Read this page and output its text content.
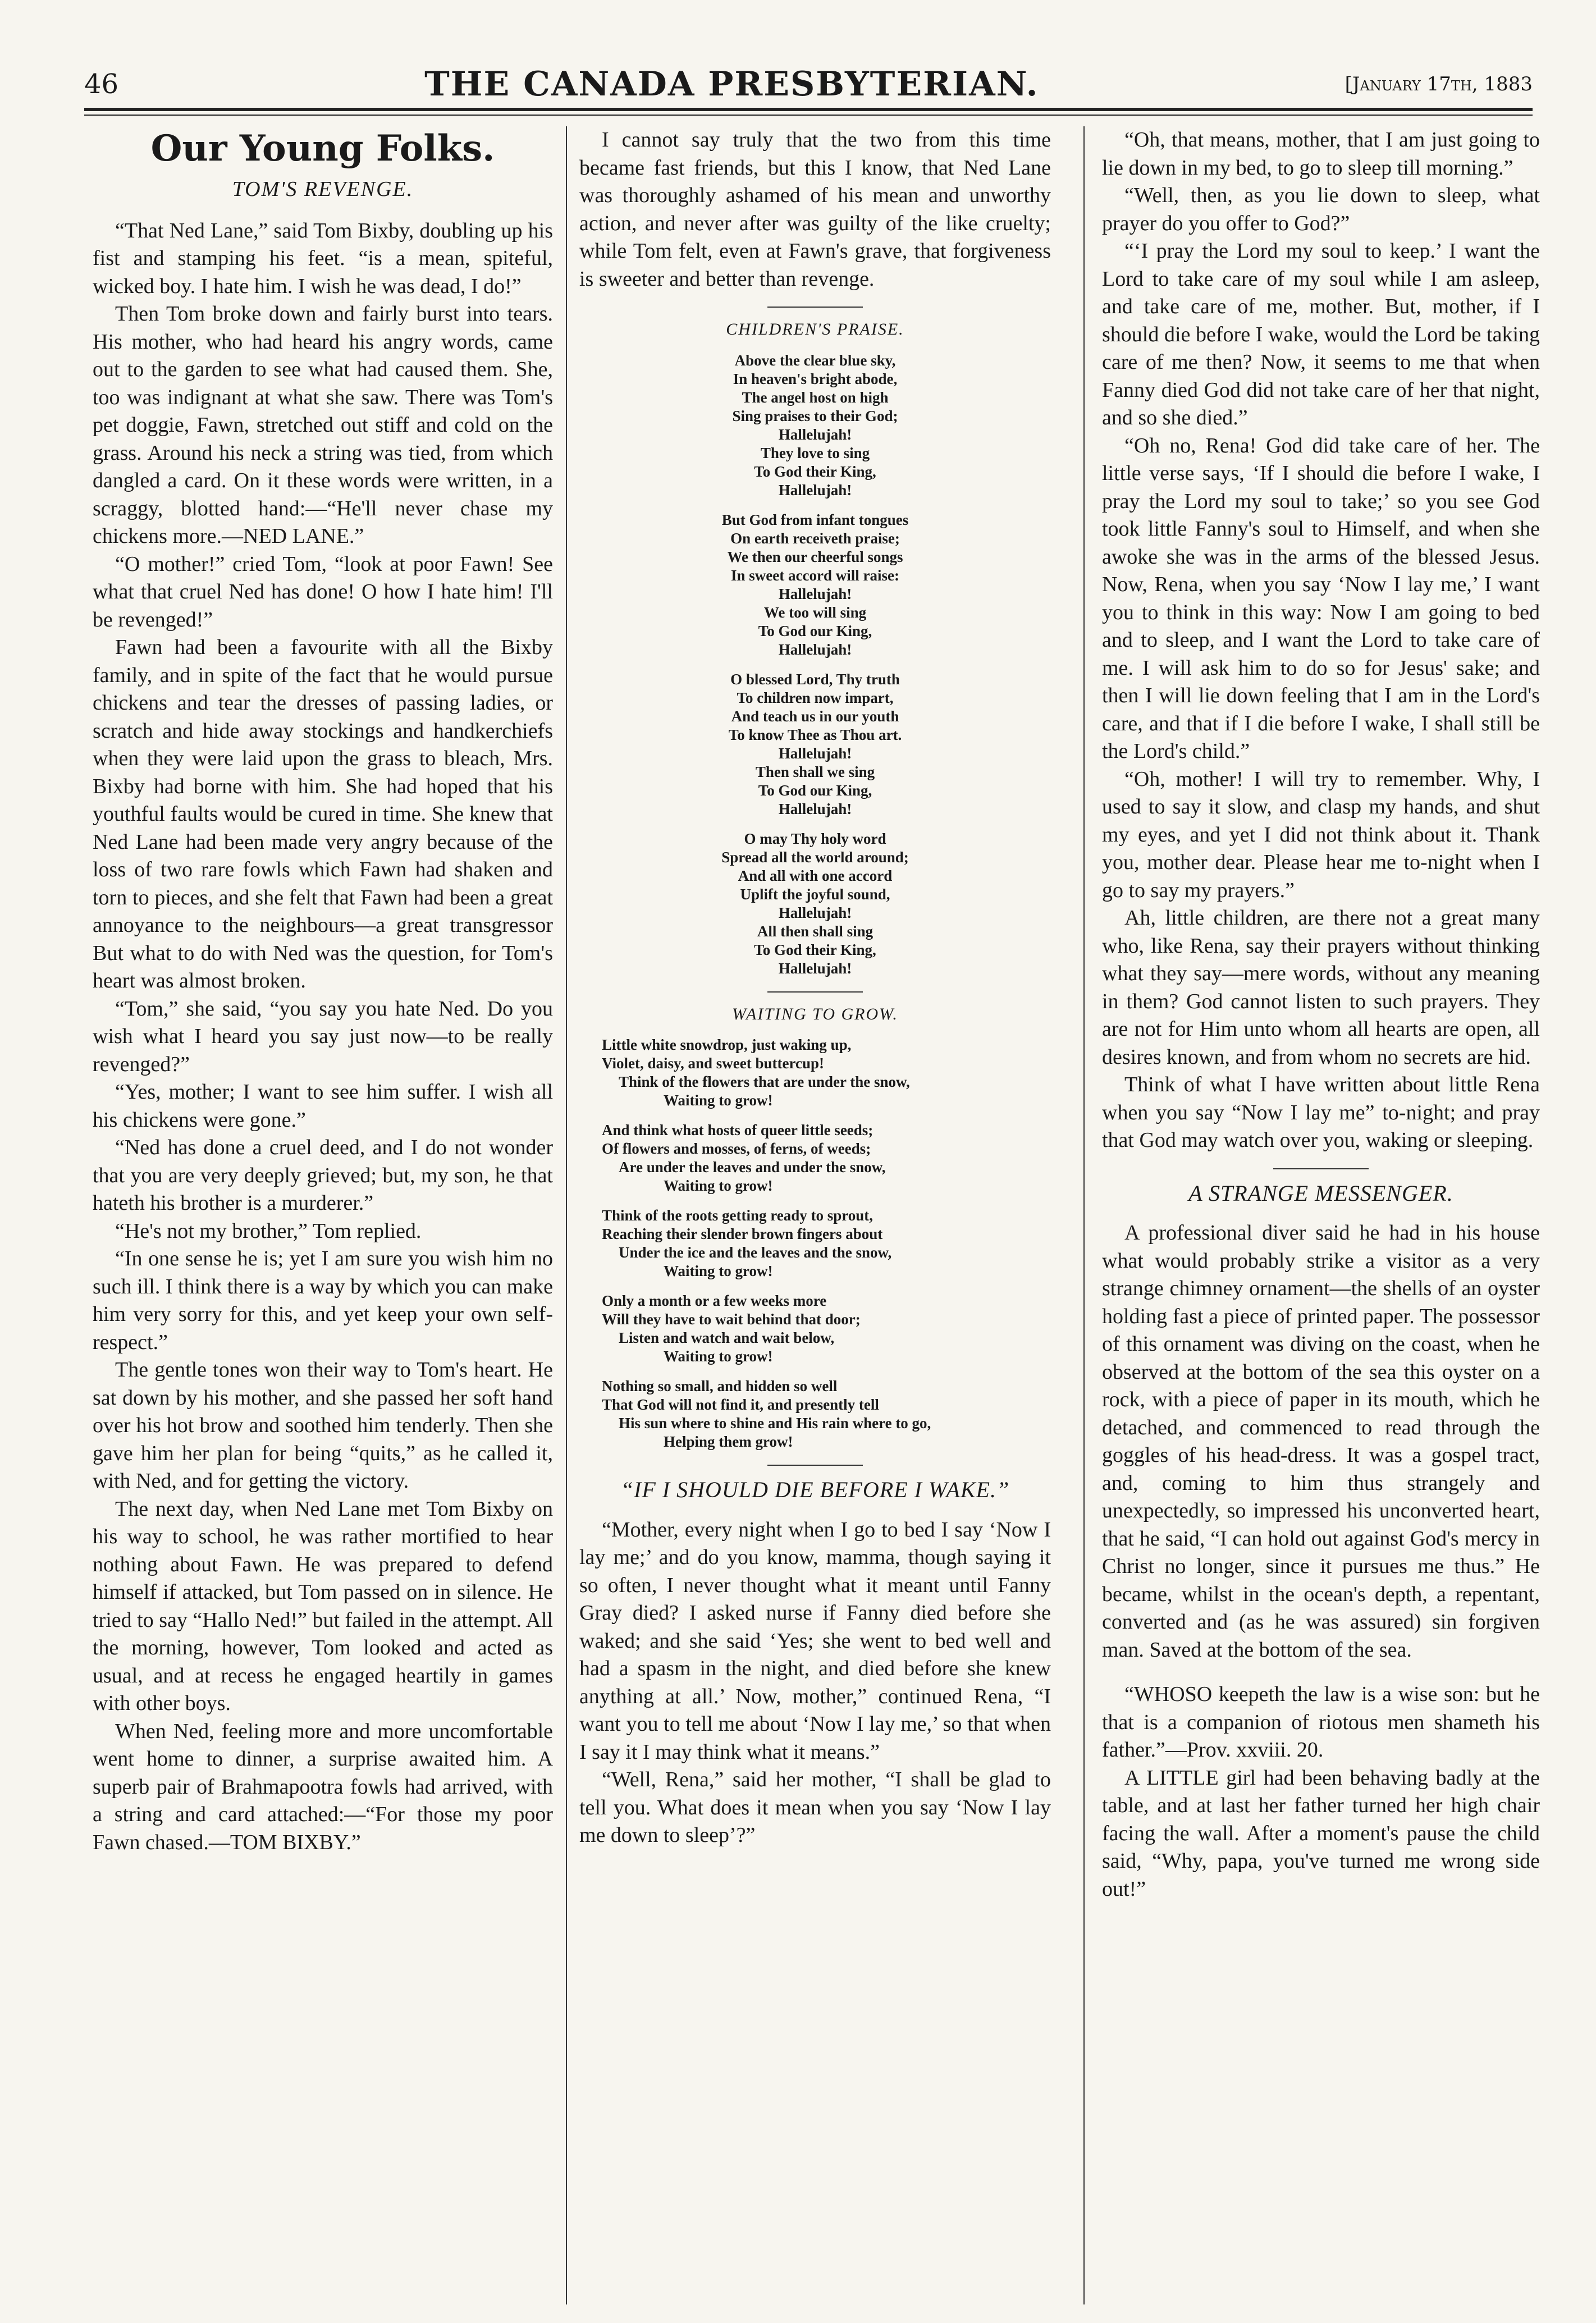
46	THE CANADA PRESBYTERIAN.	[January 17th, 1883
Our Young Folks.
TOM'S REVENGE.

“That Ned Lane,” said Tom Bixby, doubling up his fist and stamping his feet. “is a mean, spiteful, wicked boy. I hate him. I wish he was dead, I do!”

Then Tom broke down and fairly burst into tears. His mother, who had heard his angry words, came out to the garden to see what had caused them. She, too was indignant at what she saw. There was Tom's pet doggie, Fawn, stretched out stiff and cold on the grass. Around his neck a string was tied, from which dangled a card. On it these words were written, in a scraggy, blotted hand:—“He'll never chase my chickens more.—NED LANE.”

“O mother!” cried Tom, “look at poor Fawn! See what that cruel Ned has done! O how I hate him! I'll be revenged!”

Fawn had been a favourite with all the Bixby family, and in spite of the fact that he would pursue chickens and tear the dresses of passing ladies, or scratch and hide away stockings and handkerchiefs when they were laid upon the grass to bleach, Mrs. Bixby had borne with him. She had hoped that his youthful faults would be cured in time. She knew that Ned Lane had been made very angry because of the loss of two rare fowls which Fawn had shaken and torn to pieces, and she felt that Fawn had been a great annoyance to the neighbours—a great transgressor But what to do with Ned was the question, for Tom's heart was almost broken.

“Tom,” she said, “you say you hate Ned. Do you wish what I heard you say just now—to be really revenged?”

“Yes, mother; I want to see him suffer. I wish all his chickens were gone.”

“Ned has done a cruel deed, and I do not wonder that you are very deeply grieved; but, my son, he that hateth his brother is a murderer.”

“He's not my brother,” Tom replied.

“In one sense he is; yet I am sure you wish him no such ill. I think there is a way by which you can make him very sorry for this, and yet keep your own self-respect.”

The gentle tones won their way to Tom's heart. He sat down by his mother, and she passed her soft hand over his hot brow and soothed him tenderly. Then she gave him her plan for being “quits,” as he called it, with Ned, and for getting the victory.

The next day, when Ned Lane met Tom Bixby on his way to school, he was rather mortified to hear nothing about Fawn. He was prepared to defend himself if attacked, but Tom passed on in silence. He tried to say “Hallo Ned!” but failed in the attempt. All the morning, however, Tom looked and acted as usual, and at recess he engaged heartily in games with other boys.

When Ned, feeling more and more uncomfortable went home to dinner, a surprise awaited him. A superb pair of Brahmapootra fowls had arrived, with a string and card attached:—“For those my poor Fawn chased.—TOM BIXBY.”

I cannot say truly that the two from this time became fast friends, but this I know, that Ned Lane was thoroughly ashamed of his mean and unworthy action, and never after was guilty of the like cruelty; while Tom felt, even at Fawn's grave, that forgiveness is sweeter and better than revenge.

CHILDREN'S PRAISE.
Above the clear blue sky,
In heaven's bright abode,
The angel host on high
Sing praises to their God;
Hallelujah!
They love to sing
To God their King,
Hallelujah!
But God from infant tongues
On earth receiveth praise;
We then our cheerful songs
In sweet accord will raise:
Hallelujah!
We too will sing
To God our King,
Hallelujah!
O blessed Lord, Thy truth
To children now impart,
And teach us in our youth
To know Thee as Thou art.
Hallelujah!
Then shall we sing
To God our King,
Hallelujah!
O may Thy holy word
Spread all the world around;
And all with one accord
Uplift the joyful sound,
Hallelujah!
All then shall sing
To God their King,
Hallelujah!
WAITING TO GROW.
Little white snowdrop, just waking up,
Violet, daisy, and sweet buttercup!
Think of the flowers that are under the snow,
Waiting to grow!
And think what hosts of queer little seeds;
Of flowers and mosses, of ferns, of weeds;
Are under the leaves and under the snow,
Waiting to grow!
Think of the roots getting ready to sprout,
Reaching their slender brown fingers about
Under the ice and the leaves and the snow,
Waiting to grow!
Only a month or a few weeks more
Will they have to wait behind that door;
Listen and watch and wait below,
Waiting to grow!
Nothing so small, and hidden so well
That God will not find it, and presently tell
His sun where to shine and His rain where to go,
Helping them grow!
“IF I SHOULD DIE BEFORE I WAKE.”

“Mother, every night when I go to bed I say ‘Now I lay me;’ and do you know, mamma, though saying it so often, I never thought what it meant until Fanny Gray died? I asked nurse if Fanny died before she waked; and she said ‘Yes; she went to bed well and had a spasm in the night, and died before she knew anything at all.’ Now, mother,” continued Rena, “I want you to tell me about ‘Now I lay me,’ so that when I say it I may think what it means.”

“Well, Rena,” said her mother, “I shall be glad to tell you. What does it mean when you say ‘Now I lay me down to sleep’?”

“Oh, that means, mother, that I am just going to lie down in my bed, to go to sleep till morning.”

“Well, then, as you lie down to sleep, what prayer do you offer to God?”

“‘I pray the Lord my soul to keep.’ I want the Lord to take care of my soul while I am asleep, and take care of me, mother. But, mother, if I should die before I wake, would the Lord be taking care of me then? Now, it seems to me that when Fanny died God did not take care of her that night, and so she died.”

“Oh no, Rena! God did take care of her. The little verse says, ‘If I should die before I wake, I pray the Lord my soul to take;’ so you see God took little Fanny's soul to Himself, and when she awoke she was in the arms of the blessed Jesus. Now, Rena, when you say ‘Now I lay me,’ I want you to think in this way: Now I am going to bed and to sleep, and I want the Lord to take care of me. I will ask him to do so for Jesus' sake; and then I will lie down feeling that I am in the Lord's care, and that if I die before I wake, I shall still be the Lord's child.”

“Oh, mother! I will try to remember. Why, I used to say it slow, and clasp my hands, and shut my eyes, and yet I did not think about it. Thank you, mother dear. Please hear me to-night when I go to say my prayers.”

Ah, little children, are there not a great many who, like Rena, say their prayers without thinking what they say—mere words, without any meaning in them? God cannot listen to such prayers. They are not for Him unto whom all hearts are open, all desires known, and from whom no secrets are hid.

Think of what I have written about little Rena when you say “Now I lay me” to-night; and pray that God may watch over you, waking or sleeping.

A STRANGE MESSENGER.

A professional diver said he had in his house what would probably strike a visitor as a very strange chimney ornament—the shells of an oyster holding fast a piece of printed paper. The possessor of this ornament was diving on the coast, when he observed at the bottom of the sea this oyster on a rock, with a piece of paper in its mouth, which he detached, and commenced to read through the goggles of his head-dress. It was a gospel tract, and, coming to him thus strangely and unexpectedly, so impressed his unconverted heart, that he said, “I can hold out against God's mercy in Christ no longer, since it pursues me thus.” He became, whilst in the ocean's depth, a repentant, converted and (as he was assured) sin forgiven man. Saved at the bottom of the sea.

“WHOSO keepeth the law is a wise son: but he that is a companion of riotous men shameth his father.”—Prov. xxviii. 20.

A LITTLE girl had been behaving badly at the table, and at last her father turned her high chair facing the wall. After a moment's pause the child said, “Why, papa, you've turned me wrong side out!”
